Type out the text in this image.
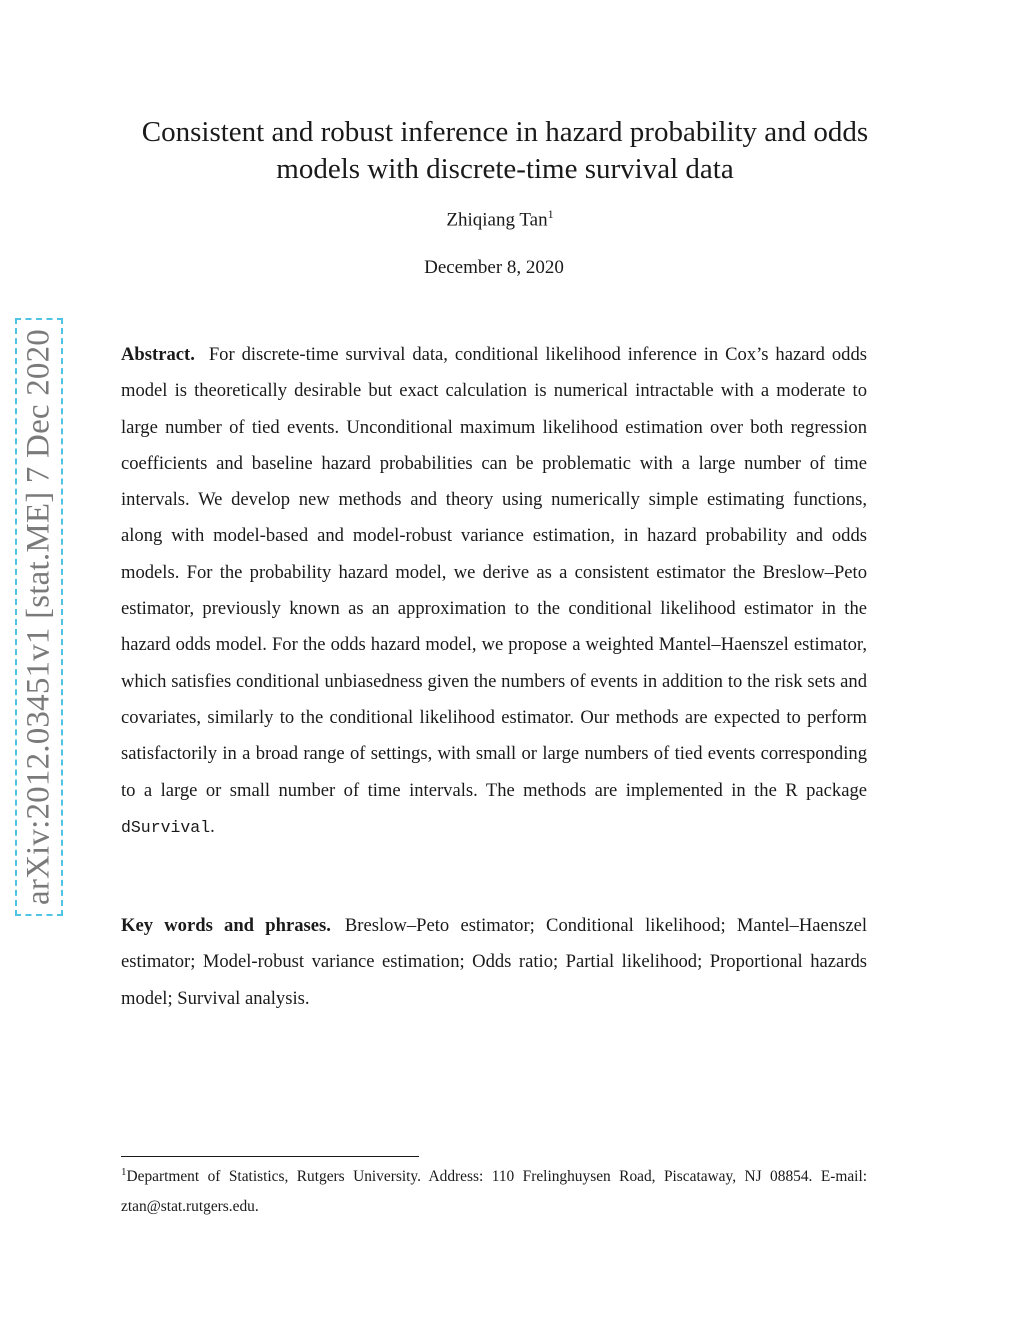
Consistent and robust inference in hazard probability and odds models with discrete-time survival data
Zhiqiang Tan$^1$
December 8, 2020
arXiv:2012.03451v1 [stat.ME] 7 Dec 2020	Abstract. For discrete-time survival data, conditional likelihood inference in Cox’s hazard odds model is theoretically desirable but exact calculation is numerical intractable with a moderate to large number of tied events. Unconditional maximum likelihood estimation over both regression coefficients and baseline hazard probabilities can be problematic with a large number of time intervals. We develop new methods and theory using numerically simple estimating functions, along with model-based and model-robust variance estimation, in hazard probability and odds models. For the probability hazard model, we derive as a consistent estimator the Breslow–Peto estimator, previously known as an approximation to the conditional likelihood estimator in the hazard odds model. For the odds hazard model, we propose a weighted Mantel–Haenszel estimator, which satisfies conditional unbiasedness given the numbers of events in addition to the risk sets and covariates, similarly to the conditional likelihood estimator. Our methods are expected to perform satisfactorily in a broad range of settings, with small or large numbers of tied events corresponding to a large or small number of time intervals. The methods are implemented in the R package dSurvival.

Key words and phrases. Breslow–Peto estimator; Conditional likelihood; Mantel–Haenszel estimator; Model-robust variance estimation; Odds ratio; Partial likelihood; Proportional hazards model; Survival analysis.

$^1$Department of Statistics, Rutgers University. Address: 110 Frelinghuysen Road, Piscataway, NJ 08854. E-mail: ztan@stat.rutgers.edu.
